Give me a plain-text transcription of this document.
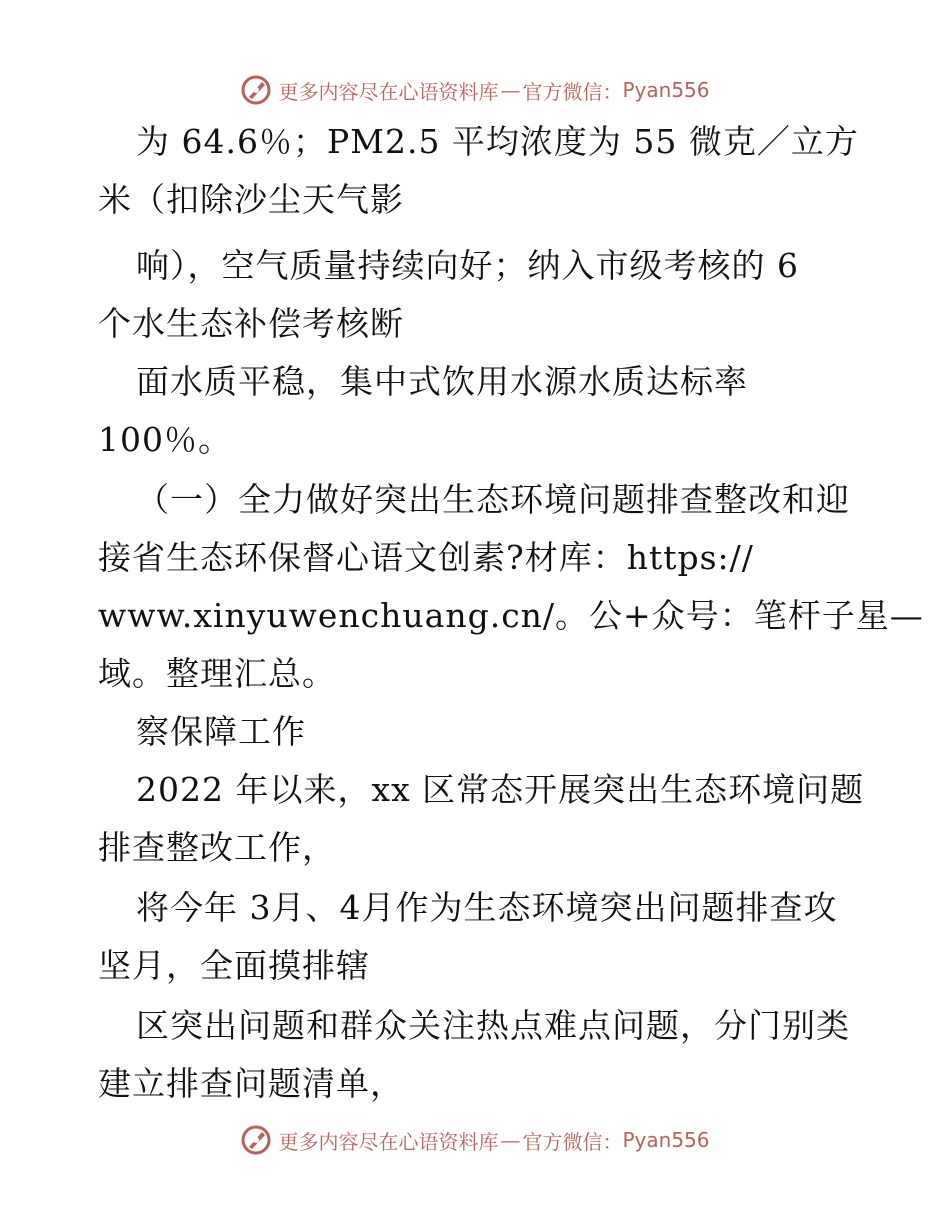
更多内容尽在心语资料库 — 官方微信： Pyan556
为 64.6％；PM2.5 平均浓度为 55 微克／立方
米（扣除沙尘天气影
响），空气质量持续向好；纳入市级考核的 6
个水生态补偿考核断
面水质平稳，集中式饮用水源水质达标率
100％。
（一）全力做好突出生态环境问题排查整改和迎
接省生态环保督心语文创素?材库：https://
www.xinyuwenchuang.cn/。公+众号：笔杆子星—
域。整理汇总。
察保障工作
2022 年以来，xx 区常态开展突出生态环境问题
排查整改工作，
将今年 3月、4月作为生态环境突出问题排查攻
坚月，全面摸排辖
区突出问题和群众关注热点难点问题，分门别类
建立排查问题清单，
更多内容尽在心语资料库 — 官方微信： Pyan556
